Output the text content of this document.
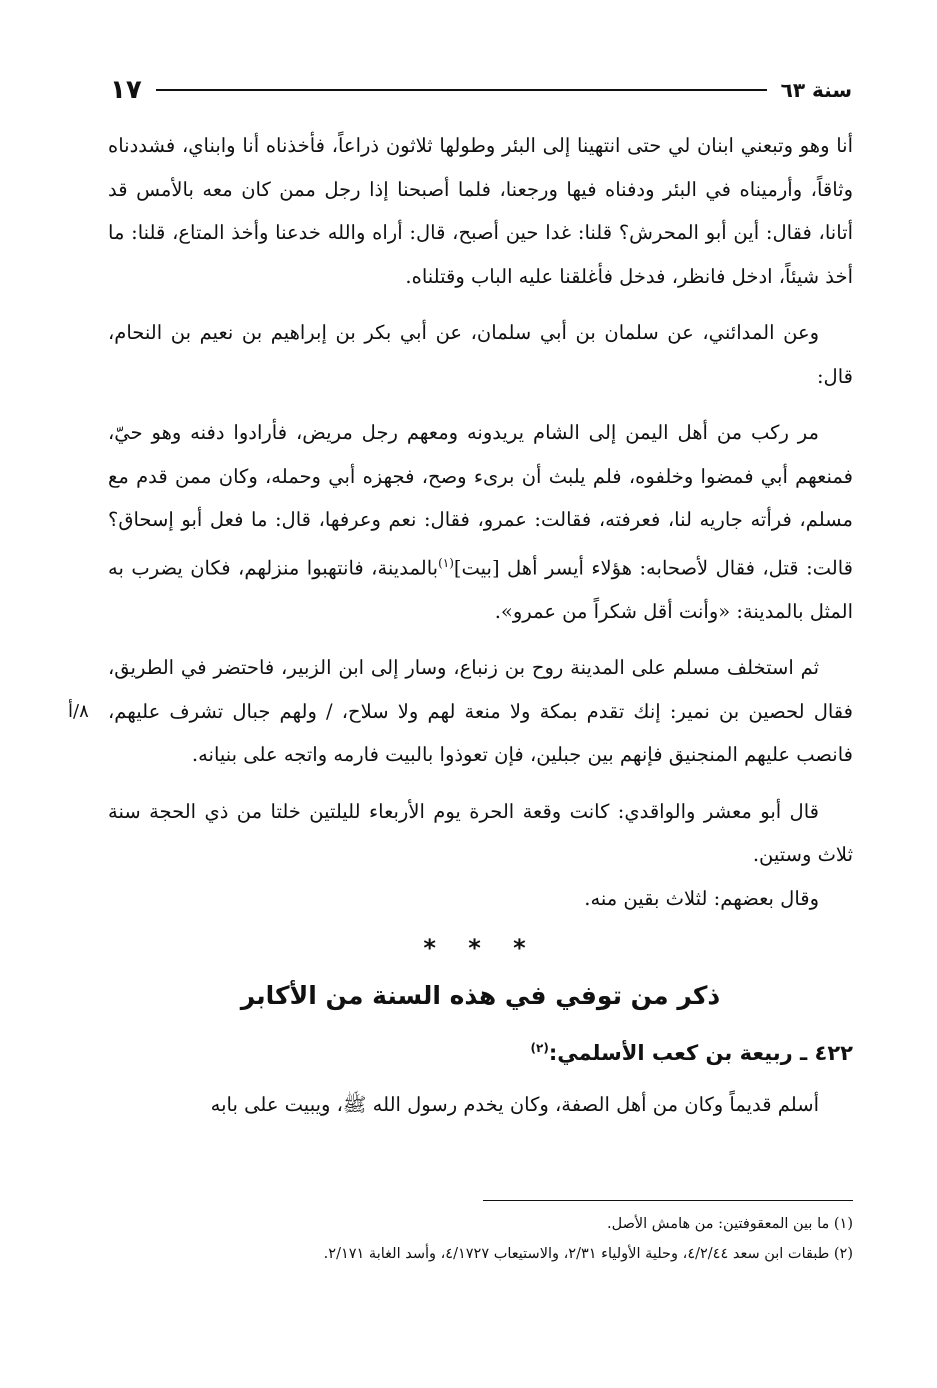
سنة ٦٣
١٧

أنا وهو وتبعني ابنان لي حتى انتهينا إلى البئر وطولها ثلاثون ذراعاً، فأخذناه أنا وابناي، فشددناه وثاقاً، وأرميناه في البئر ودفناه فيها ورجعنا، فلما أصبحنا إذا رجل ممن كان معه بالأمس قد أتانا، فقال: أين أبو المحرش؟ قلنا: غدا حين أصبح، قال: أراه والله خدعنا وأخذ المتاع، قلنا: ما أخذ شيئاً، ادخل فانظر، فدخل فأغلقنا عليه الباب وقتلناه.

وعن المدائني، عن سلمان بن أبي سلمان، عن أبي بكر بن إبراهيم بن نعيم بن النحام، قال:

مر ركب من أهل اليمن إلى الشام يريدونه ومعهم رجل مريض، فأرادوا دفنه وهو حيّ، فمنعهم أبي فمضوا وخلفوه، فلم يلبث أن برىء وصح، فجهزه أبي وحمله، وكان ممن قدم مع مسلم، فرأته جاريه لنا، فعرفته، فقالت: عمرو، فقال: نعم وعرفها، قال: ما فعل أبو إسحاق؟ قالت: قتل، فقال لأصحابه: هؤلاء أيسر أهل [بيت]$^{(١)}$بالمدينة، فانتهبوا منزلهم، فكان يضرب به المثل بالمدينة: «وأنت أقل شكراً من عمرو».

٨/أ
ثم استخلف مسلم على المدينة روح بن زنباع، وسار إلى ابن الزبير، فاحتضر في الطريق، فقال لحصين بن نمير: إنك تقدم بمكة ولا منعة لهم ولا سلاح، / ولهم جبال تشرف عليهم، فانصب عليهم المنجنيق فإنهم بين جبلين، فإن تعوذوا بالبيت فارمه واتجه على بنيانه.

قال أبو معشر والواقدي: كانت وقعة الحرة يوم الأربعاء لليلتين خلتا من ذي الحجة سنة ثلاث وستين.

وقال بعضهم: لثلاث بقين منه.

* * *
ذكر من توفي في هذه السنة من الأكابر
٤٢٢ ـ ربيعة بن كعب الأسلمي:$^{(٢)}$

أسلم قديماً وكان من أهل الصفة، وكان يخدم رسول الله ﷺ، ويبيت على بابه

(١) ما بين المعقوفتين: من هامش الأصل.
(٢) طبقات ابن سعد ٤/٢/٤٤، وحلية الأولياء ٢/٣١، والاستيعاب ٤/١٧٢٧، وأسد الغابة ٢/١٧١.
